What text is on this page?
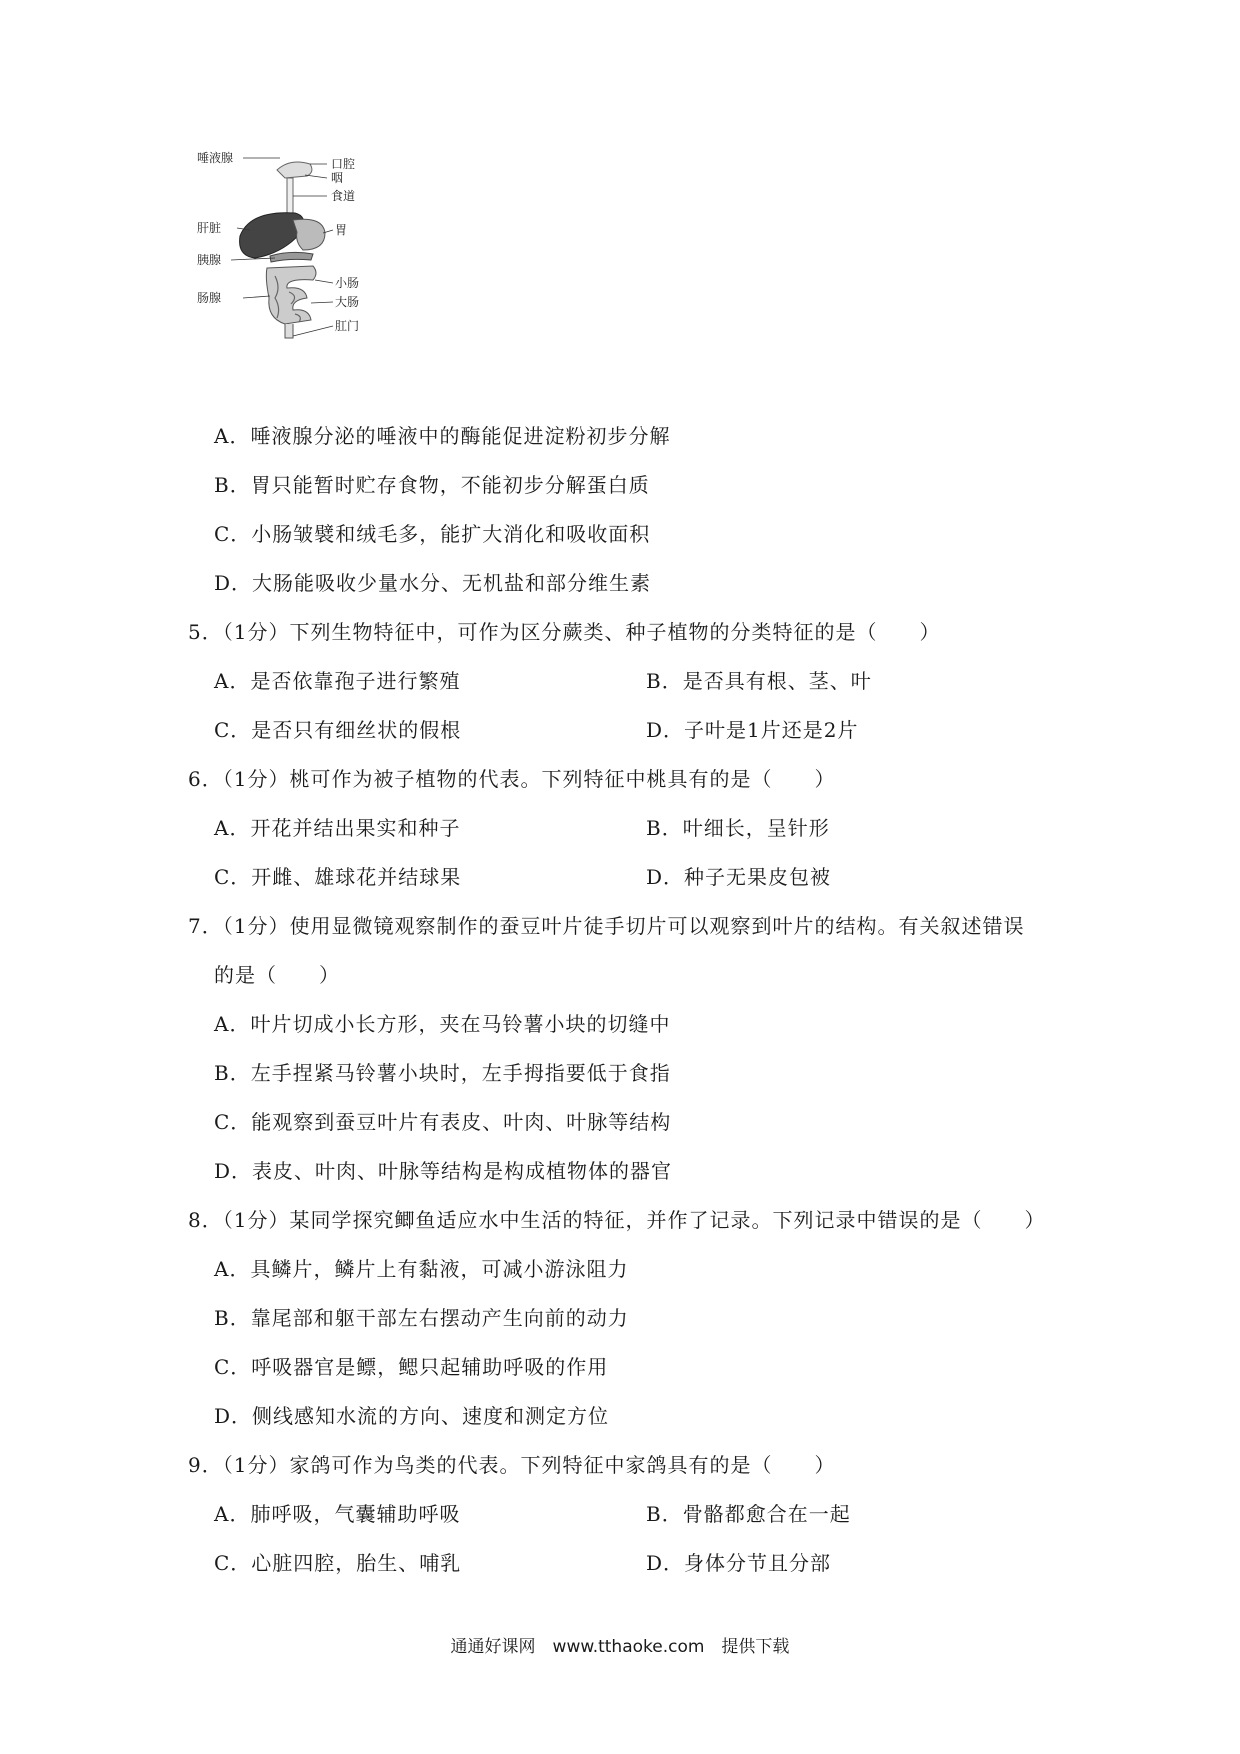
唾液腺	口腔
咽
食道
肝脏	胃
胰腺
小肠
肠腺	大肠
肛门
A．唾液腺分泌的唾液中的酶能促进淀粉初步分解
B．胃只能暂时贮存食物，不能初步分解蛋白质
C．小肠皱襞和绒毛多，能扩大消化和吸收面积
D．大肠能吸收少量水分、无机盐和部分维生素
5．（1分）下列生物特征中，可作为区分蕨类、种子植物的分类特征的是（　　）
A．是否依靠孢子进行繁殖	B．是否具有根、茎、叶
C．是否只有细丝状的假根	D．子叶是1片还是2片
6．（1分）桃可作为被子植物的代表。下列特征中桃具有的是（　　）
A．开花并结出果实和种子	B．叶细长，呈针形
C．开雌、雄球花并结球果	D．种子无果皮包被
7．（1分）使用显微镜观察制作的蚕豆叶片徒手切片可以观察到叶片的结构。有关叙述错误
的是（　　）
A．叶片切成小长方形，夹在马铃薯小块的切缝中
B．左手捏紧马铃薯小块时，左手拇指要低于食指
C．能观察到蚕豆叶片有表皮、叶肉、叶脉等结构
D．表皮、叶肉、叶脉等结构是构成植物体的器官
8．（1分）某同学探究鲫鱼适应水中生活的特征，并作了记录。下列记录中错误的是（　　）
A．具鳞片，鳞片上有黏液，可减小游泳阻力
B．靠尾部和躯干部左右摆动产生向前的动力
C．呼吸器官是鳔，鳃只起辅助呼吸的作用
D．侧线感知水流的方向、速度和测定方位
9．（1分）家鸽可作为鸟类的代表。下列特征中家鸽具有的是（　　）
A．肺呼吸，气囊辅助呼吸	B．骨骼都愈合在一起
C．心脏四腔，胎生、哺乳	D．身体分节且分部
通通好课网　www.tthaoke.com　提供下载
